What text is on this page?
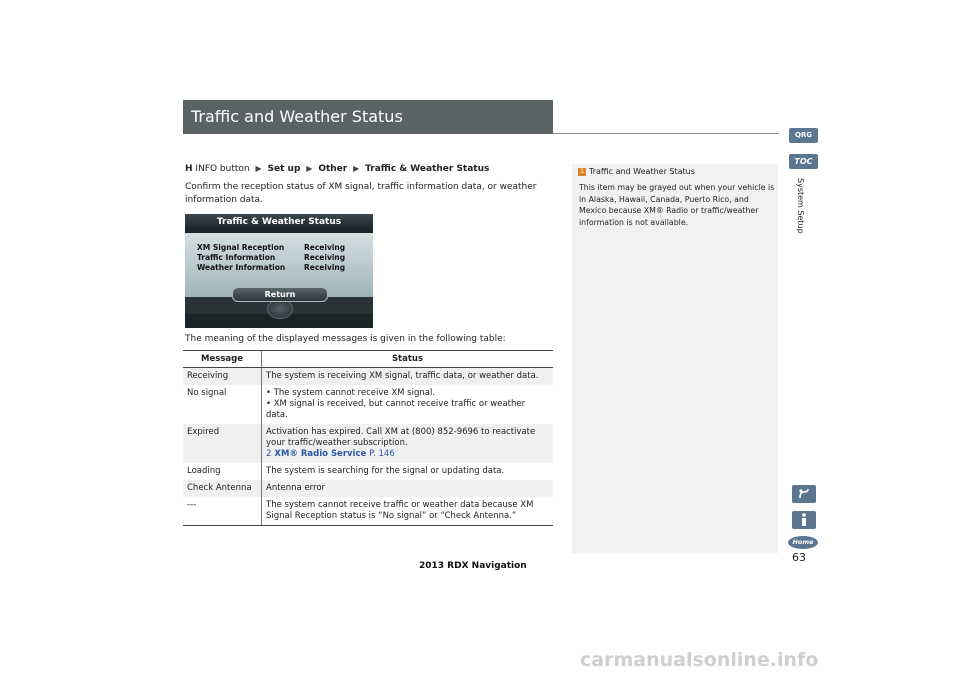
Traffic and Weather Status
H INFO button ▶ Set up ▶ Other ▶ Traffic & Weather Status
Confirm the reception status of XM signal, traffic information data, or weather information data.
Traffic & Weather Status
XM Signal Reception	Receiving
Traffic Information	Receiving
Weather Information	Receiving
Return
The meaning of the displayed messages is given in the following table:
Message	Status
Receiving	The system is receiving XM signal, traffic data, or weather data.
No signal	• The system cannot receive XM signal.
• XM signal is received, but cannot receive traffic or weather data.

Expired	Activation has expired. Call XM at (800) 852-9696 to reactivate your traffic/weather subscription.
2 XM® Radio Service P. 146
Loading	The system is searching for the signal or updating data.
Check Antenna	Antenna error
---	The system cannot receive traffic or weather data because XM Signal Reception status is “No signal” or “Check Antenna.”
1 Traffic and Weather Status
This item may be grayed out when your vehicle is in Alaska, Hawaii, Canada, Puerto Rico, and Mexico because XM® Radio or traffic/weather information is not available.
QRG
TOC
System Setup
Home
63
2013 RDX Navigation
carmanualsonline.info
